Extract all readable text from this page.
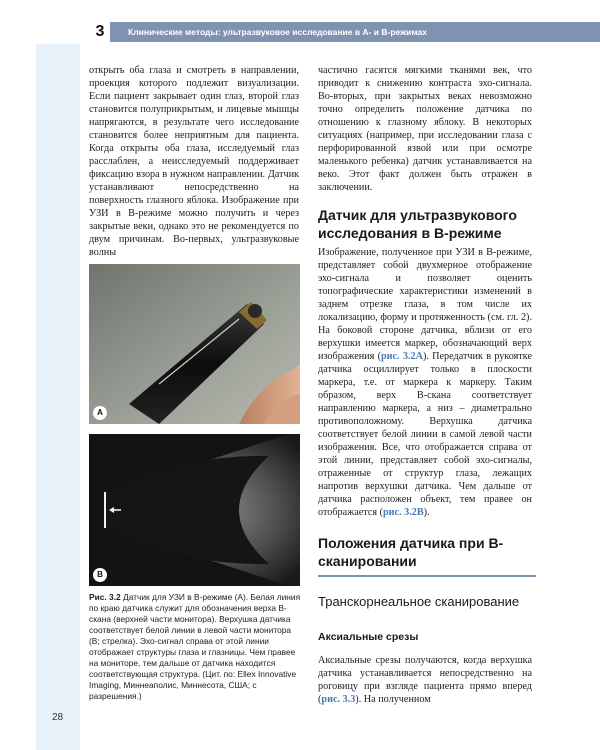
3	Клинические методы: ультразвуковое исследование в А- и В-режимах

открыть оба глаза и смотреть в направлении, проекция которого подлежит визуализации. Если пациент закрывает один глаз, второй глаз становится полуприкрытым, и лицевые мышцы напрягаются, в результате чего исследование становится более неприятным для пациента. Когда открыты оба глаза, исследуемый глаз расслаблен, а неисследуемый поддерживает фиксацию взора в нужном направлении. Датчик устанавливают непосредственно на поверхность глазного яблока. Изображение при УЗИ в В-режиме можно получить и через закрытые веки, однако это не рекомендуется по двум причинам. Во-первых, ультразвуковые волны

A
B
Рис. 3.2 Датчик для УЗИ в В-режиме (А). Белая линия по краю датчика служит для обозначения верха В-скана (верхней части монитора). Верхушка датчика соответствует белой линии в левой части монитора (В; стрелка). Эхо-сигнал справа от этой линии отображает структуры глаза и глазницы. Чем правее на мониторе, тем дальше от датчика находится соответствующая структура. (Цит. по: Ellex Innovative Imaging, Миннеаполис, Миннесота, США; с разрешения.)

частично гасятся мягкими тканями век, что приводит к снижению контраста эхо-сигнала. Во-вторых, при закрытых веках невозможно точно определить положение датчика по отношению к глазному яблоку. В некоторых ситуациях (например, при исследовании глаза с перфорированной язвой или при осмотре маленького ребенка) датчик устанавливается на веко. Этот факт должен быть отражен в заключении.

Датчик для ультразвукового исследования в В-режиме

Изображение, полученное при УЗИ в В-режиме, представляет собой двухмерное отображение эхо-сигнала и позволяет оценить топографические характеристики изменений в заднем отрезке глаза, в том числе их локализацию, форму и протяженность (см. гл. 2). На боковой стороне датчика, вблизи от его верхушки имеется маркер, обозначающий верх изображения (рис. 3.2А). Передатчик в рукоятке датчика осциллирует только в плоскости маркера, т.е. от маркера к маркеру. Таким образом, верх В-скана соответствует направлению маркера, а низ – диаметрально противоположному. Верхушка датчика соответствует белой линии в самой левой части изображения. Все, что отображается справа от этой линии, представляет собой эхо-сигналы, отраженные от структур глаза, лежащих напротив верхушки датчика. Чем дальше от датчика расположен объект, тем правее он отображается (рис. 3.2В).

Положения датчика при В-сканировании
Транскорнеальное сканирование
Аксиальные срезы

Аксиальные срезы получаются, когда верхушка датчика устанавливается непосредственно на роговицу при взгляде пациента прямо вперед (рис. 3.3). На полученном

28
